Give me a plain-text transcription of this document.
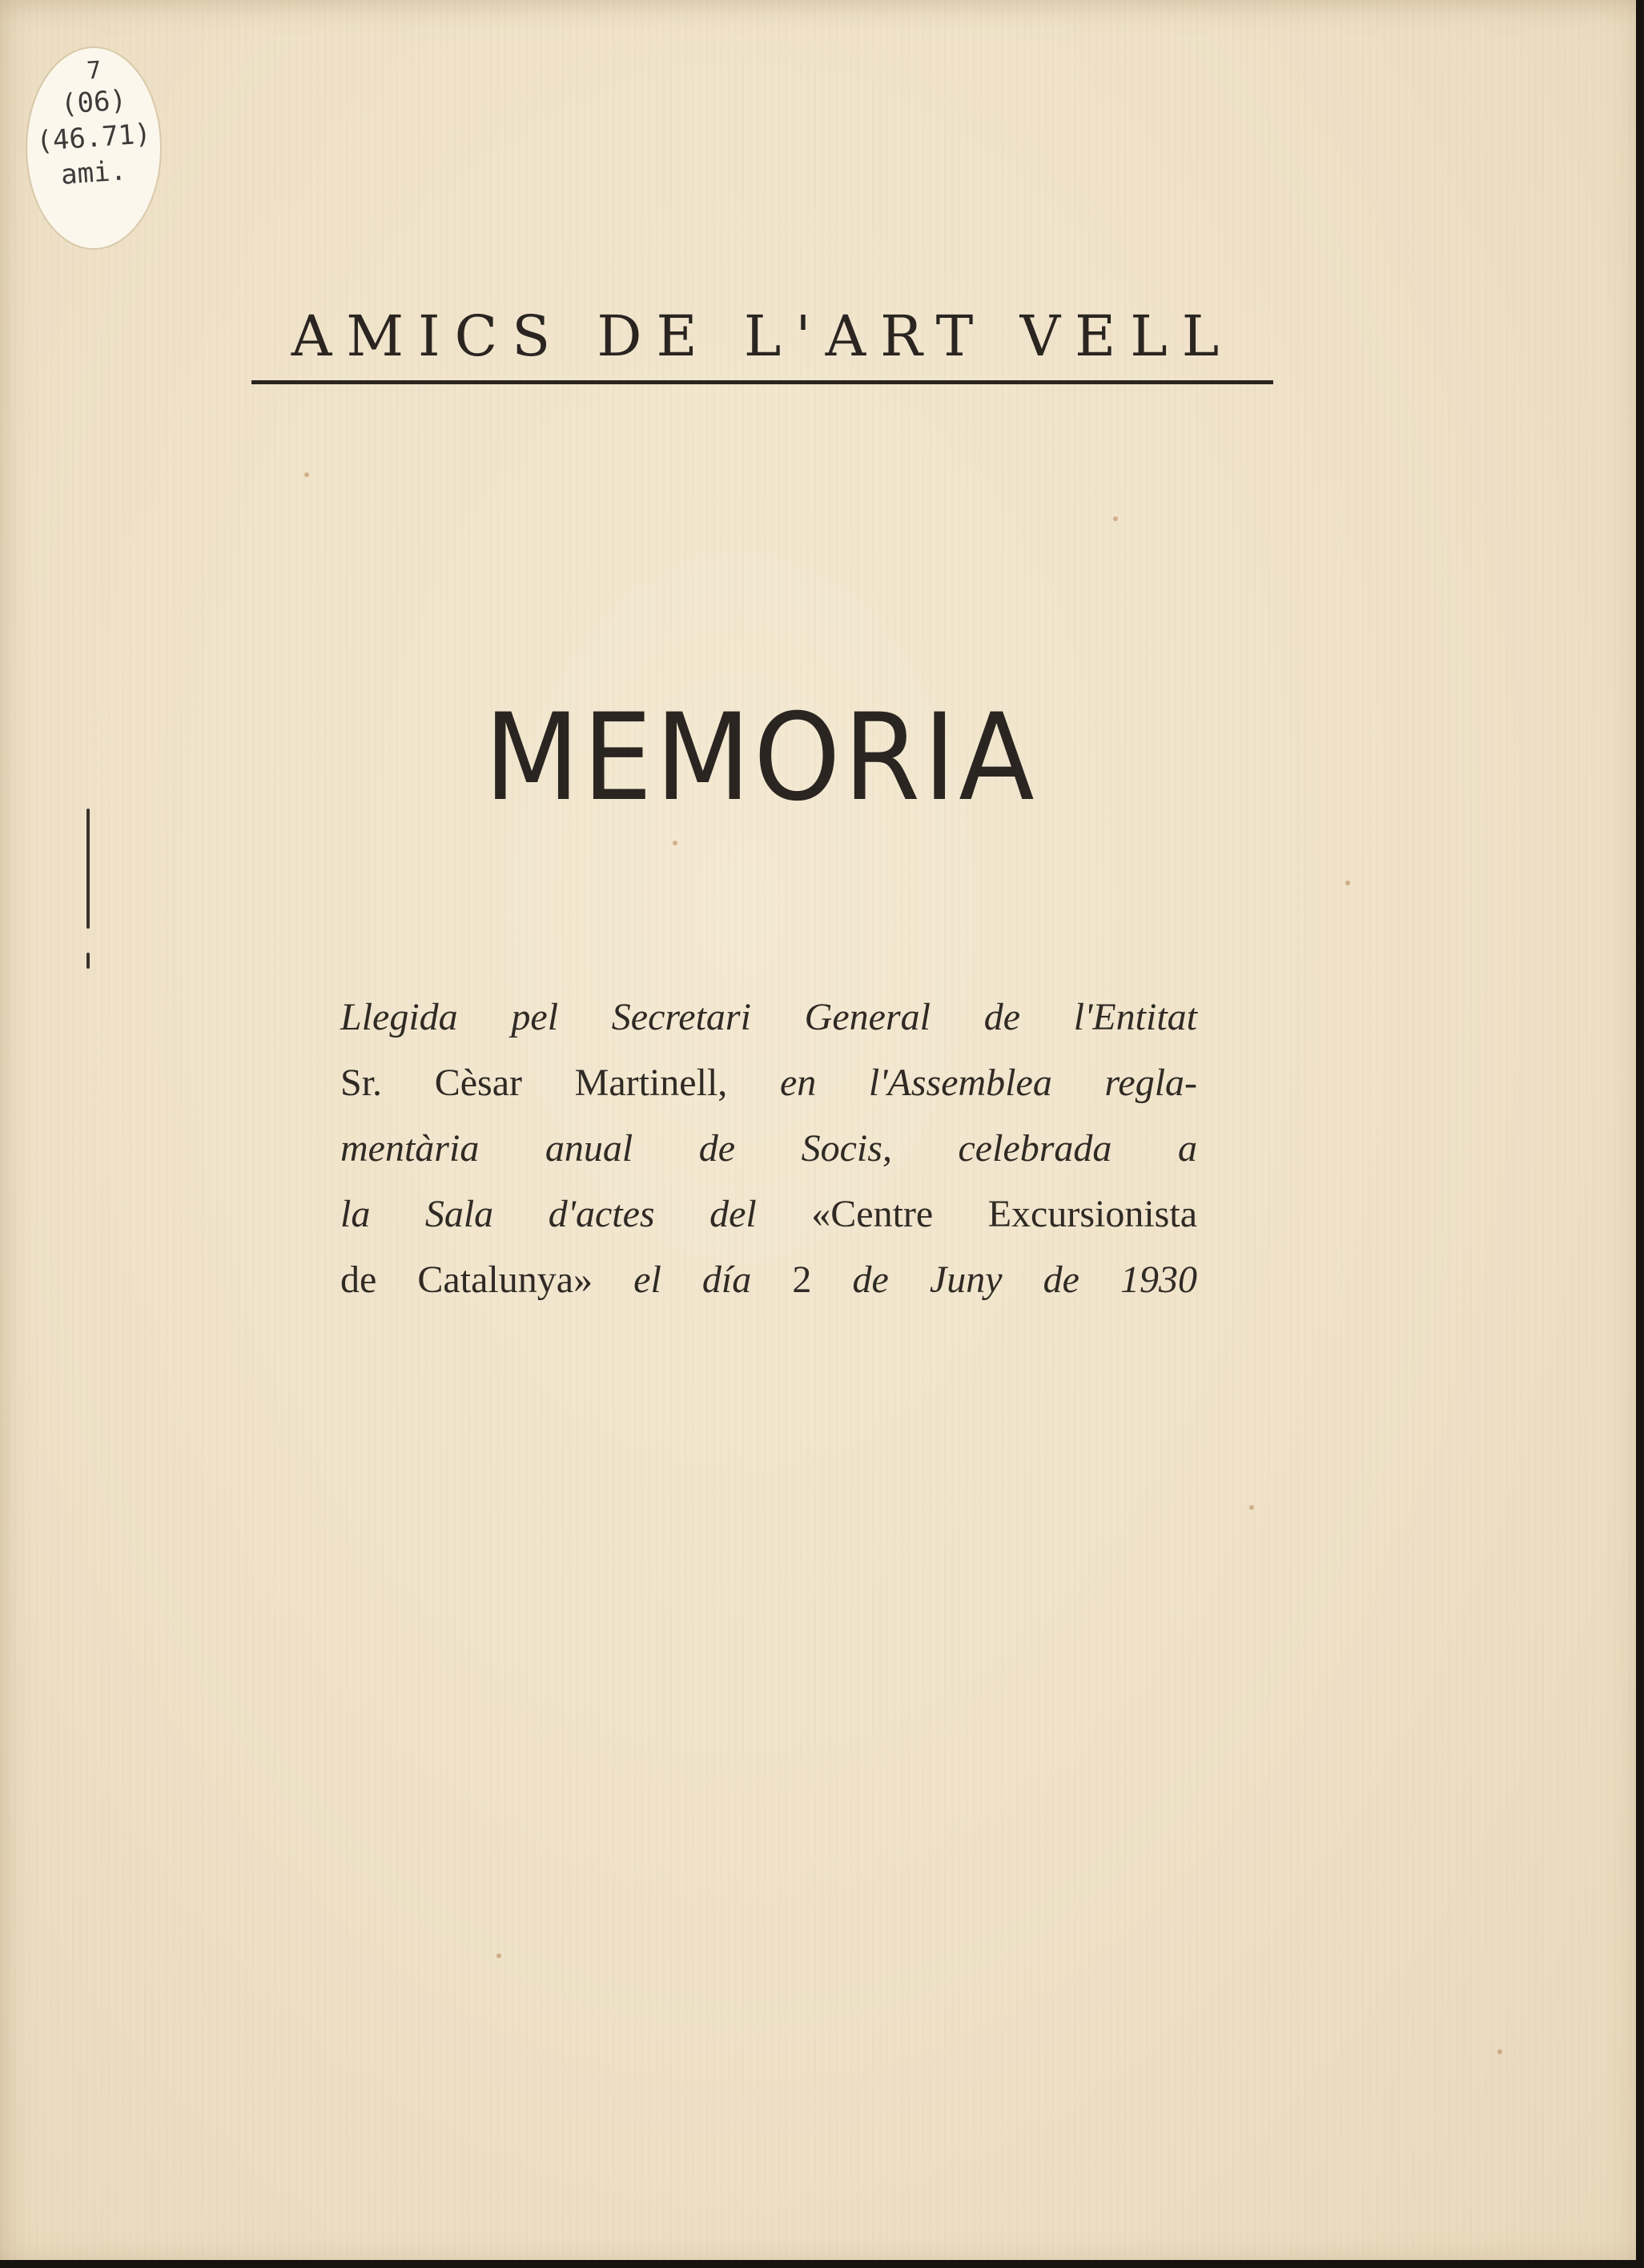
7
(06)
(46.71)
ami.
AMICS DE L'ART VELL
MEMORIA
Llegida pel Secretari General de l'Entitat
Sr. Cèsar Martinell, en l'Assemblea regla-
mentària anual de Socis, celebrada a
la Sala d'actes del «Centre Excursionista
de Catalunya» el día 2 de Juny de 1930
